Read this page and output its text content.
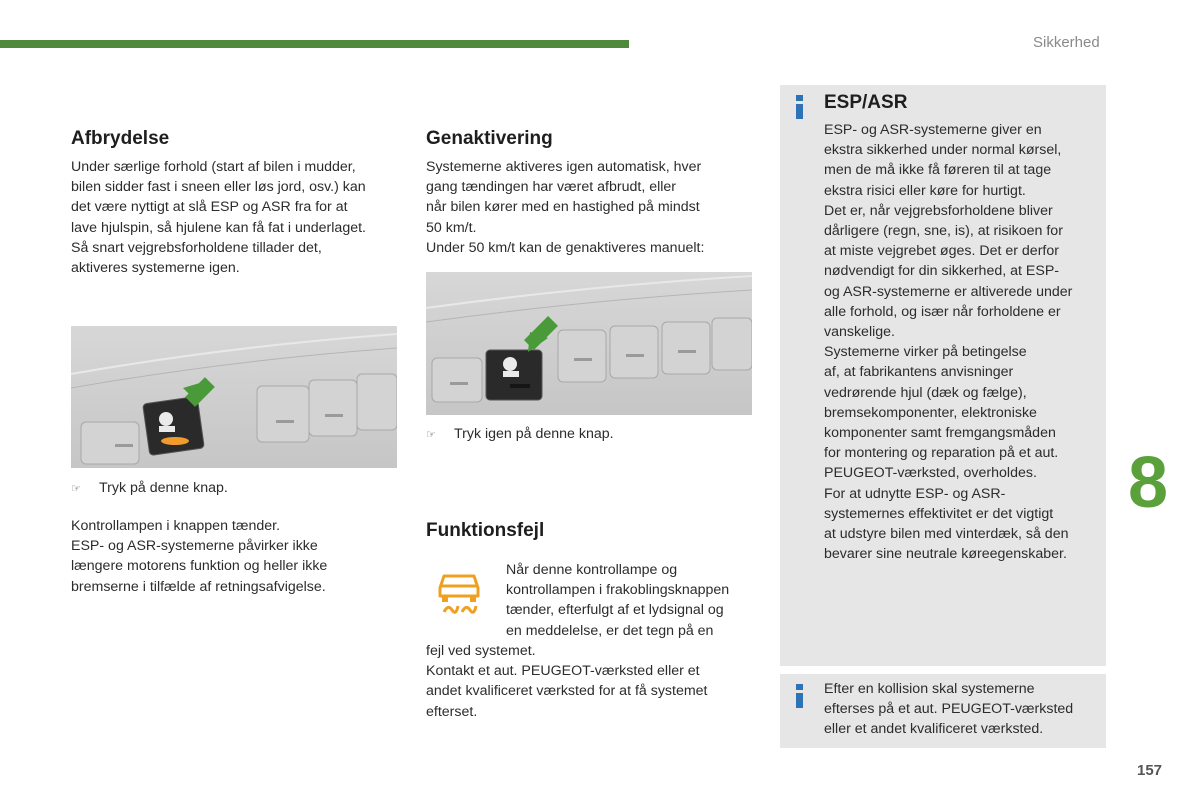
Sikkerhed
8
157
Afbrydelse
Under særlige forhold (start af bilen i mudder,
bilen sidder fast i sneen eller løs jord, osv.) kan
det være nyttigt at slå ESP og ASR fra for at
lave hjulspin, så hjulene kan få fat i underlaget.
Så snart vejgrebsforholdene tillader det,
aktiveres systemerne igen.
☞ Tryk på denne knap.
Kontrollampen i knappen tænder.
ESP- og ASR-systemerne påvirker ikke
længere motorens funktion og heller ikke
bremserne i tilfælde af retningsafvigelse.
Genaktivering
Systemerne aktiveres igen automatisk, hver
gang tændingen har været afbrudt, eller
når bilen kører med en hastighed på mindst
50 km/t.
Under 50 km/t kan de genaktiveres manuelt:
☞ Tryk igen på denne knap.
Funktionsfejl
Når denne kontrollampe og
kontrollampen i frakoblingsknappen
tænder, efterfulgt af et lydsignal og
en meddelelse, er det tegn på en
fejl ved systemet.
Kontakt et aut. PEUGEOT-værksted eller et
andet kvalificeret værksted for at få systemet
efterset.
ESP/ASR
ESP- og ASR-systemerne giver en
ekstra sikkerhed under normal kørsel,
men de må ikke få føreren til at tage
ekstra risici eller køre for hurtigt.
Det er, når vejgrebsforholdene bliver
dårligere (regn, sne, is), at risikoen for
at miste vejgrebet øges. Det er derfor
nødvendigt for din sikkerhed, at ESP-
og ASR-systemerne er altiverede under
alle forhold, og især når forholdene er
vanskelige.
Systemerne virker på betingelse
af, at fabrikantens anvisninger
vedrørende hjul (dæk og fælge),
bremsekomponenter, elektroniske
komponenter samt fremgangsmåden
for montering og reparation på et aut.
PEUGEOT-værksted, overholdes.
For at udnytte ESP- og ASR-
systemernes effektivitet er det vigtigt
at udstyre bilen med vinterdæk, så den
bevarer sine neutrale køreegenskaber.
Efter en kollision skal systemerne
efterses på et aut. PEUGEOT-værksted
eller et andet kvalificeret værksted.
